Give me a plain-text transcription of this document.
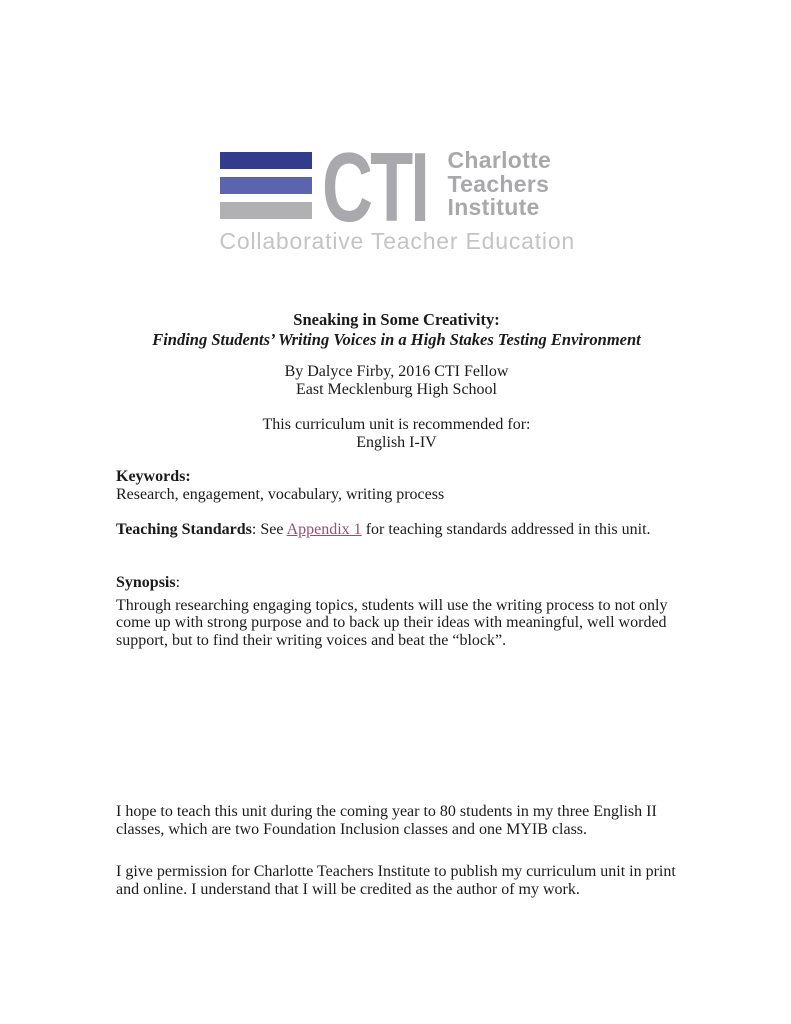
CTI Charlotte
Teachers
Institute
Collaborative Teacher Education
Sneaking in Some Creativity:
Finding Students’ Writing Voices in a High Stakes Testing Environment
By Dalyce Firby, 2016 CTI Fellow
East Mecklenburg High School
This curriculum unit is recommended for:
English I-IV
Keywords:
Research, engagement, vocabulary, writing process
Teaching Standards: See Appendix 1 for teaching standards addressed in this unit.
Synopsis:
Through researching engaging topics, students will use the writing process to not only come up with strong purpose and to back up their ideas with meaningful, well worded support, but to find their writing voices and beat the “block”.
I hope to teach this unit during the coming year to 80 students in my three English II classes, which are two Foundation Inclusion classes and one MYIB class.
I give permission for Charlotte Teachers Institute to publish my curriculum unit in print and online. I understand that I will be credited as the author of my work.
